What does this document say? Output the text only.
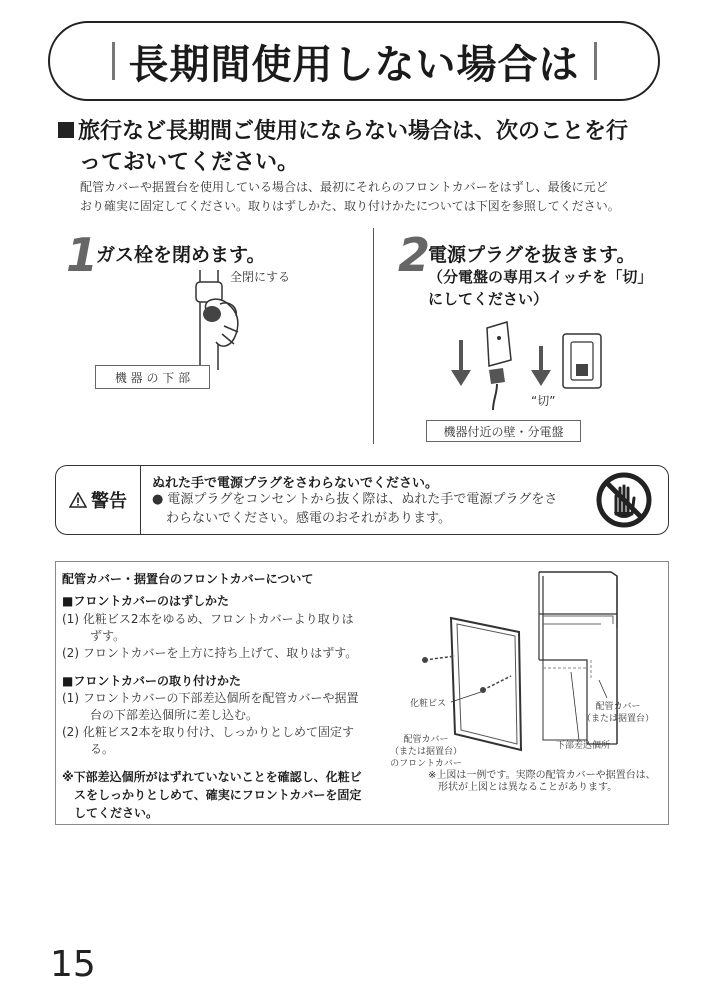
長期間使用しない場合は
旅行など長期間ご使用にならない場合は、次のことを行
っておいてください。
配管カバーや据置台を使用している場合は、最初にそれらのフロントカバーをはずし、最後に元ど
おり確実に固定してください。取りはずしかた、取り付けかたについては下図を参照してください。
1
ガス栓を閉めます。
全閉にする
機 器 の 下 部
2
電源プラグを抜きます。
（分電盤の専用スイッチを「切」
にしてください）
“切”
機器付近の壁・分電盤
警告
ぬれた手で電源プラグをさわらないでください。
● 電源プラグをコンセントから抜く際は、ぬれた手で電源プラグをさ
わらないでください。感電のおそれがあります。
配管カバー・据置台のフロントカバーについて
■フロントカバーのはずしかた
(1) 化粧ビス2本をゆるめ、フロントカバーより取りは
ずす。
(2) フロントカバーを上方に持ち上げて、取りはずす。
■フロントカバーの取り付けかた
(1) フロントカバーの下部差込個所を配管カバーや据置
台の下部差込個所に差し込む。
(2) 化粧ビス2本を取り付け、しっかりとしめて固定す
る。
※下部差込個所がはずれていないことを確認し、化粧ビ
スをしっかりとしめて、確実にフロントカバーを固定
してください。
化粧ビス	配管カバー
（または据置台）
配管カバー
（または据置台）
のフロントカバー
下部差込個所
※上図は一例です。実際の配管カバーや据置台は、
形状が上図とは異なることがあります。
15
